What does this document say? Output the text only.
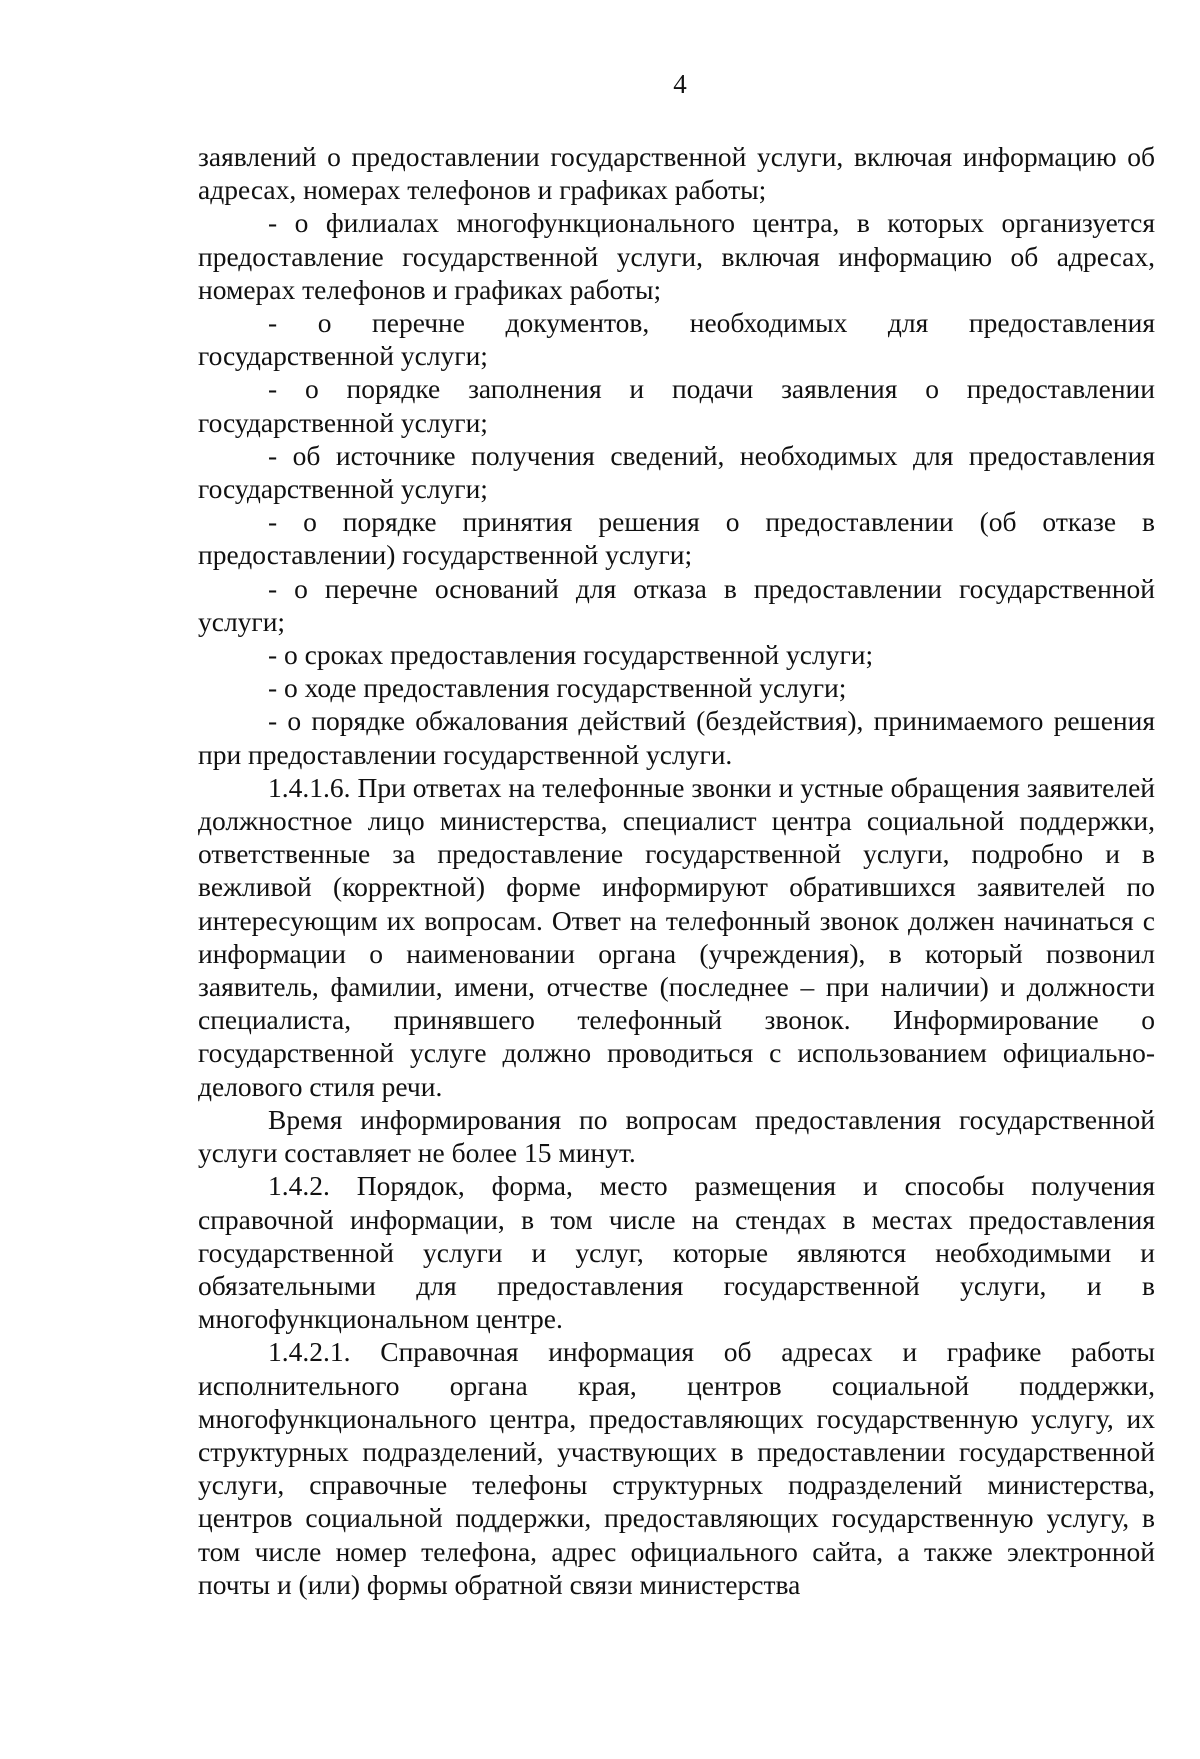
4

заявлений о предоставлении государственной услуги, включая информацию об адресах, номерах телефонов и графиках работы;

- о филиалах многофункционального центра, в которых организуется предоставление государственной услуги, включая информацию об адресах, номерах телефонов и графиках работы;

- о перечне документов, необходимых для предоставления государственной услуги;

- о порядке заполнения и подачи заявления о предоставлении государственной услуги;

- об источнике получения сведений, необходимых для предоставления государственной услуги;

- о порядке принятия решения о предоставлении (об отказе в предоставлении) государственной услуги;

- о перечне оснований для отказа в предоставлении государственной услуги;

- о сроках предоставления государственной услуги;

- о ходе предоставления государственной услуги;

- о порядке обжалования действий (бездействия), принимаемого решения при предоставлении государственной услуги.

1.4.1.6. При ответах на телефонные звонки и устные обращения заявителей должностное лицо министерства, специалист центра социальной поддержки, ответственные за предоставление государственной услуги, подробно и в вежливой (корректной) форме информируют обратившихся заявителей по интересующим их вопросам. Ответ на телефонный звонок должен начинаться с информации о наименовании органа (учреждения), в который позвонил заявитель, фамилии, имени, отчестве (последнее – при наличии) и должности специалиста, принявшего телефонный звонок. Информирование о государственной услуге должно проводиться с использованием официально-делового стиля речи.

Время информирования по вопросам предоставления государственной услуги составляет не более 15 минут.

1.4.2. Порядок, форма, место размещения и способы получения справочной информации, в том числе на стендах в местах предоставления государственной услуги и услуг, которые являются необходимыми и обязательными для предоставления государственной услуги, и в многофункциональном центре.

1.4.2.1. Справочная информация об адресах и графике работы исполнительного органа края, центров социальной поддержки, многофункционального центра, предоставляющих государственную услугу, их структурных подразделений, участвующих в предоставлении государственной услуги, справочные телефоны структурных подразделений министерства, центров социальной поддержки, предоставляющих государственную услугу, в том числе номер телефона, адрес официального сайта, а также электронной почты и (или) формы обратной связи министерства
